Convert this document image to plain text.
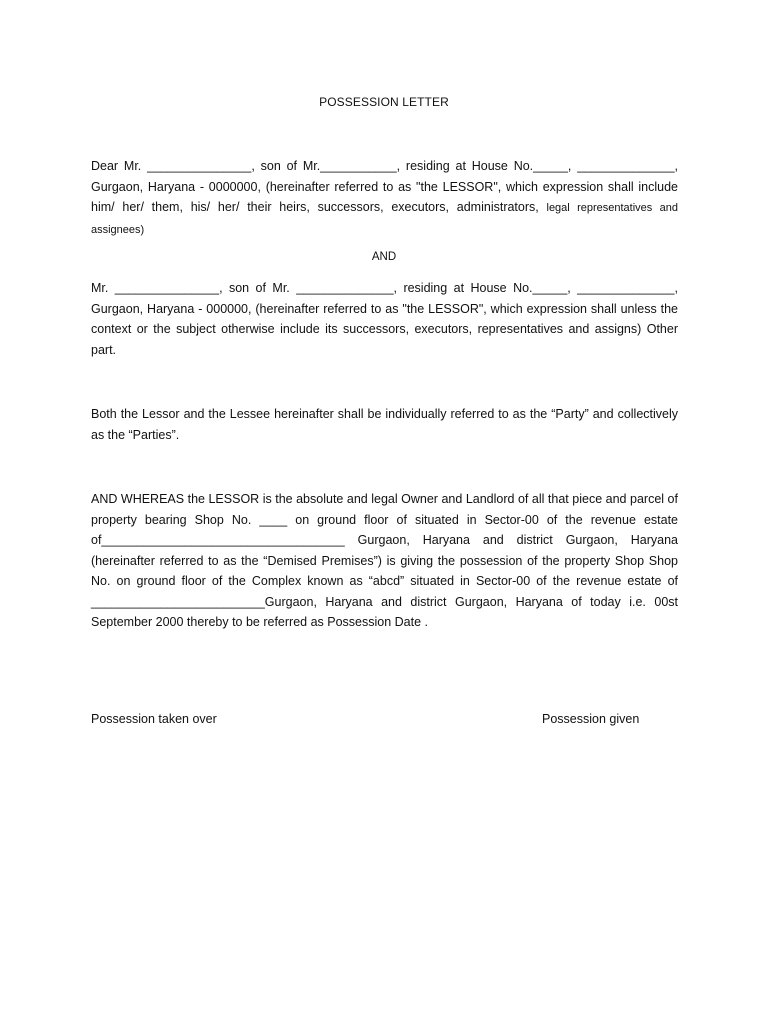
POSSESSION LETTER

Dear Mr. _______________, son of Mr.___________, residing at House No._____, ______________, Gurgaon, Haryana - 0000000, (hereinafter referred to as "the LESSOR", which expression shall include him/ her/ them, his/ her/ their heirs, successors, executors, administrators, legal representatives and assignees)

AND

Mr. _______________, son of Mr. ______________, residing at House No._____, ______________, Gurgaon, Haryana - 000000, (hereinafter referred to as "the LESSOR", which expression shall unless the context or the subject otherwise include its successors, executors, representatives and assigns) Other part.

Both the Lessor and the Lessee hereinafter shall be individually referred to as the “Party” and collectively as the “Parties”.

AND WHEREAS the LESSOR is the absolute and legal Owner and Landlord of all that piece and parcel of property bearing Shop No. ____ on ground floor of situated in Sector-00 of the revenue estate of___________________________________ Gurgaon, Haryana and district Gurgaon, Haryana (hereinafter referred to as the “Demised Premises”) is giving the possession of the property Shop Shop No. on ground floor of the Complex known as “abcd” situated in Sector-00 of the revenue estate of _________________________Gurgaon, Haryana and district Gurgaon, Haryana of today i.e. 00st September 2000 thereby to be referred as Possession Date .

Possession taken over	Possession given
